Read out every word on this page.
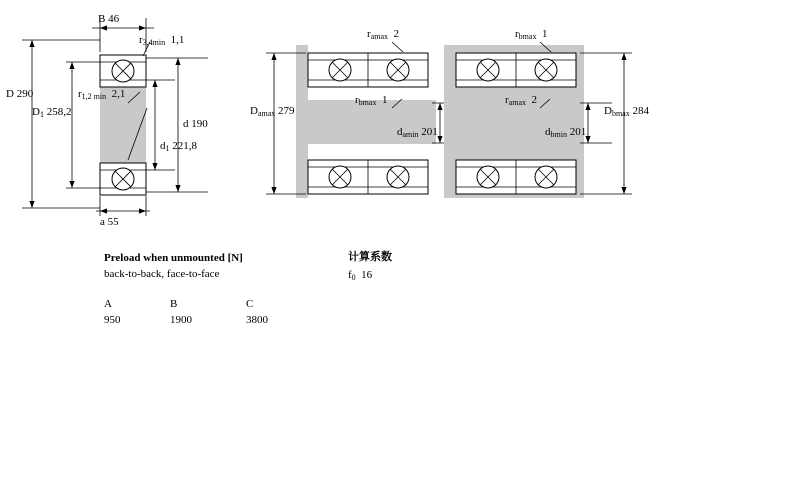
B 46
$r_{3,4min}$ 1,1
D 290
$D_1$ 258,2
$r_{1,2 min}$ 2,1
d 190
$d_1$ 221,8
a 55
$r_{amax}$ 2	$r_{bmax}$ 1
$r_{bmax}$ 1	$r_{amax}$ 2
$D_{amax}$ 279
$d_{amin}$ 201
$D_{bmax}$ 284
$d_{bmin}$ 201
Preload when unmounted [N]
back-to-back, face-to-face
A	B	C
950	1900	3800
计算系数
$f_0$ 16
